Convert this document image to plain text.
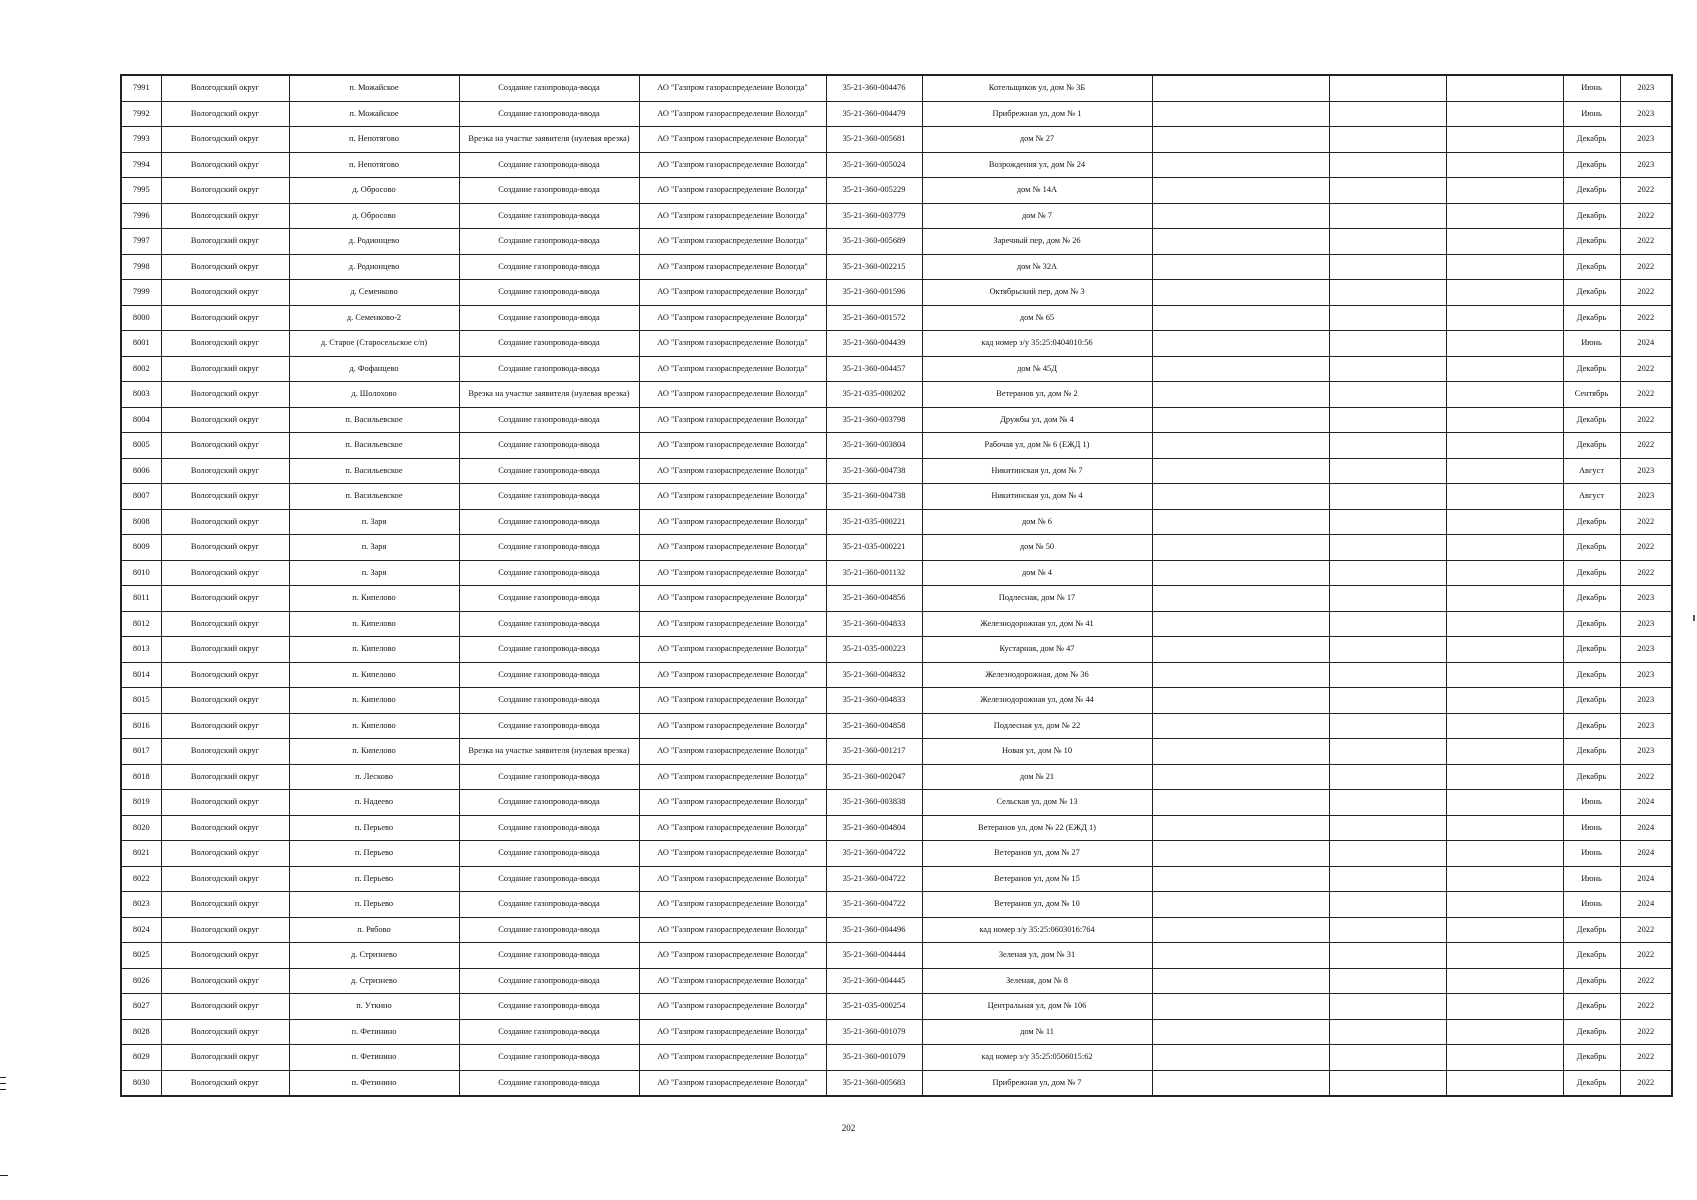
7991	Вологодский округ	п. Можайское	Создание газопровода-ввода	АО "Газпром газораспределение Вологда"	35-21-360-004476	Котельщиков ул, дом № 3Б				Июнь	2023
7992	Вологодский округ	п. Можайское	Создание газопровода-ввода	АО "Газпром газораспределение Вологда"	35-21-360-004479	Прибрежная ул, дом № 1				Июнь	2023
7993	Вологодский округ	п. Непотягово	Врезка на участке заявителя (нулевая врезка)	АО "Газпром газораспределение Вологда"	35-21-360-005681	дом № 27				Декабрь	2023
7994	Вологодский округ	п. Непотягово	Создание газопровода-ввода	АО "Газпром газораспределение Вологда"	35-21-360-005024	Возрождения ул, дом № 24				Декабрь	2023
7995	Вологодский округ	д. Обросово	Создание газопровода-ввода	АО "Газпром газораспределение Вологда"	35-21-360-005229	дом № 14А				Декабрь	2022
7996	Вологодский округ	д. Обросово	Создание газопровода-ввода	АО "Газпром газораспределение Вологда"	35-21-360-003779	дом № 7				Декабрь	2022
7997	Вологодский округ	д. Родионцево	Создание газопровода-ввода	АО "Газпром газораспределение Вологда"	35-21-360-005689	Заречный пер, дом № 26				Декабрь	2022
7998	Вологодский округ	д. Родионцево	Создание газопровода-ввода	АО "Газпром газораспределение Вологда"	35-21-360-002215	дом № 32А				Декабрь	2022
7999	Вологодский округ	д. Семенково	Создание газопровода-ввода	АО "Газпром газораспределение Вологда"	35-21-360-001596	Октябрьский пер, дом № 3				Декабрь	2022
8000	Вологодский округ	д. Семенково-2	Создание газопровода-ввода	АО "Газпром газораспределение Вологда"	35-21-360-001572	дом № 65				Декабрь	2022
8001	Вологодский округ	д. Старое (Старосельское с/п)	Создание газопровода-ввода	АО "Газпром газораспределение Вологда"	35-21-360-004439	кад номер з/у 35:25:0404010:56				Июнь	2024
8002	Вологодский округ	д. Фофанцево	Создание газопровода-ввода	АО "Газпром газораспределение Вологда"	35-21-360-004457	дом № 45Д				Декабрь	2022
8003	Вологодский округ	д. Шолохово	Врезка на участке заявителя (нулевая врезка)	АО "Газпром газораспределение Вологда"	35-21-035-000202	Ветеранов ул, дом № 2				Сентябрь	2022
8004	Вологодский округ	п. Васильевское	Создание газопровода-ввода	АО "Газпром газораспределение Вологда"	35-21-360-003798	Дружбы ул, дом № 4				Декабрь	2022
8005	Вологодский округ	п. Васильевское	Создание газопровода-ввода	АО "Газпром газораспределение Вологда"	35-21-360-003804	Рабочая ул, дом № 6 (ЕЖД 1)				Декабрь	2022
8006	Вологодский округ	п. Васильевское	Создание газопровода-ввода	АО "Газпром газораспределение Вологда"	35-21-360-004738	Никитинская ул, дом № 7				Август	2023
8007	Вологодский округ	п. Васильевское	Создание газопровода-ввода	АО "Газпром газораспределение Вологда"	35-21-360-004738	Никитинская ул, дом № 4				Август	2023
8008	Вологодский округ	п. Заря	Создание газопровода-ввода	АО "Газпром газораспределение Вологда"	35-21-035-000221	дом № 6				Декабрь	2022
8009	Вологодский округ	п. Заря	Создание газопровода-ввода	АО "Газпром газораспределение Вологда"	35-21-035-000221	дом № 50				Декабрь	2022
8010	Вологодский округ	п. Заря	Создание газопровода-ввода	АО "Газпром газораспределение Вологда"	35-21-360-001132	дом № 4				Декабрь	2022
8011	Вологодский округ	п. Кипелово	Создание газопровода-ввода	АО "Газпром газораспределение Вологда"	35-21-360-004856	Подлесная, дом № 17				Декабрь	2023
8012	Вологодский округ	п. Кипелово	Создание газопровода-ввода	АО "Газпром газораспределение Вологда"	35-21-360-004833	Железнодорожная ул, дом № 41				Декабрь	2023
8013	Вологодский округ	п. Кипелово	Создание газопровода-ввода	АО "Газпром газораспределение Вологда"	35-21-035-000223	Кустарная, дом № 47				Декабрь	2023
8014	Вологодский округ	п. Кипелово	Создание газопровода-ввода	АО "Газпром газораспределение Вологда"	35-21-360-004832	Железнодорожная, дом № 36				Декабрь	2023
8015	Вологодский округ	п. Кипелово	Создание газопровода-ввода	АО "Газпром газораспределение Вологда"	35-21-360-004833	Железнодорожная ул, дом № 44				Декабрь	2023
8016	Вологодский округ	п. Кипелово	Создание газопровода-ввода	АО "Газпром газораспределение Вологда"	35-21-360-004858	Подлесная ул, дом № 22				Декабрь	2023
8017	Вологодский округ	п. Кипелово	Врезка на участке заявителя (нулевая врезка)	АО "Газпром газораспределение Вологда"	35-21-360-001217	Новая ул, дом № 10				Декабрь	2023
8018	Вологодский округ	п. Лесково	Создание газопровода-ввода	АО "Газпром газораспределение Вологда"	35-21-360-002047	дом № 21				Декабрь	2022
8019	Вологодский округ	п. Надеево	Создание газопровода-ввода	АО "Газпром газораспределение Вологда"	35-21-360-003838	Сельская ул, дом № 13				Июнь	2024
8020	Вологодский округ	п. Перьево	Создание газопровода-ввода	АО "Газпром газораспределение Вологда"	35-21-360-004804	Ветеранов ул, дом № 22 (ЕЖД 1)				Июнь	2024
8021	Вологодский округ	п. Перьево	Создание газопровода-ввода	АО "Газпром газораспределение Вологда"	35-21-360-004722	Ветеранов ул, дом № 27				Июнь	2024
8022	Вологодский округ	п. Перьево	Создание газопровода-ввода	АО "Газпром газораспределение Вологда"	35-21-360-004722	Ветеранов ул, дом № 15				Июнь	2024
8023	Вологодский округ	п. Перьево	Создание газопровода-ввода	АО "Газпром газораспределение Вологда"	35-21-360-004722	Ветеранов ул, дом № 10				Июнь	2024
8024	Вологодский округ	п. Рябово	Создание газопровода-ввода	АО "Газпром газораспределение Вологда"	35-21-360-004496	кад номер з/у 35:25:0603016:764				Декабрь	2022
8025	Вологодский округ	д. Стризнево	Создание газопровода-ввода	АО "Газпром газораспределение Вологда"	35-21-360-004444	Зеленая ул, дом № 31				Декабрь	2022
8026	Вологодский округ	д. Стризнево	Создание газопровода-ввода	АО "Газпром газораспределение Вологда"	35-21-360-004445	Зеленая, дом № 8				Декабрь	2022
8027	Вологодский округ	п. Уткино	Создание газопровода-ввода	АО "Газпром газораспределение Вологда"	35-21-035-000254	Центральная ул, дом № 106				Декабрь	2022
8028	Вологодский округ	п. Фетинино	Создание газопровода-ввода	АО "Газпром газораспределение Вологда"	35-21-360-001079	дом № 11				Декабрь	2022
8029	Вологодский округ	п. Фетинино	Создание газопровода-ввода	АО "Газпром газораспределение Вологда"	35-21-360-001079	кад номер з/у 35:25:0506015:62				Декабрь	2022
8030	Вологодский округ	п. Фетинино	Создание газопровода-ввода	АО "Газпром газораспределение Вологда"	35-21-360-005683	Прибрежная ул, дом № 7				Декабрь	2022
202
